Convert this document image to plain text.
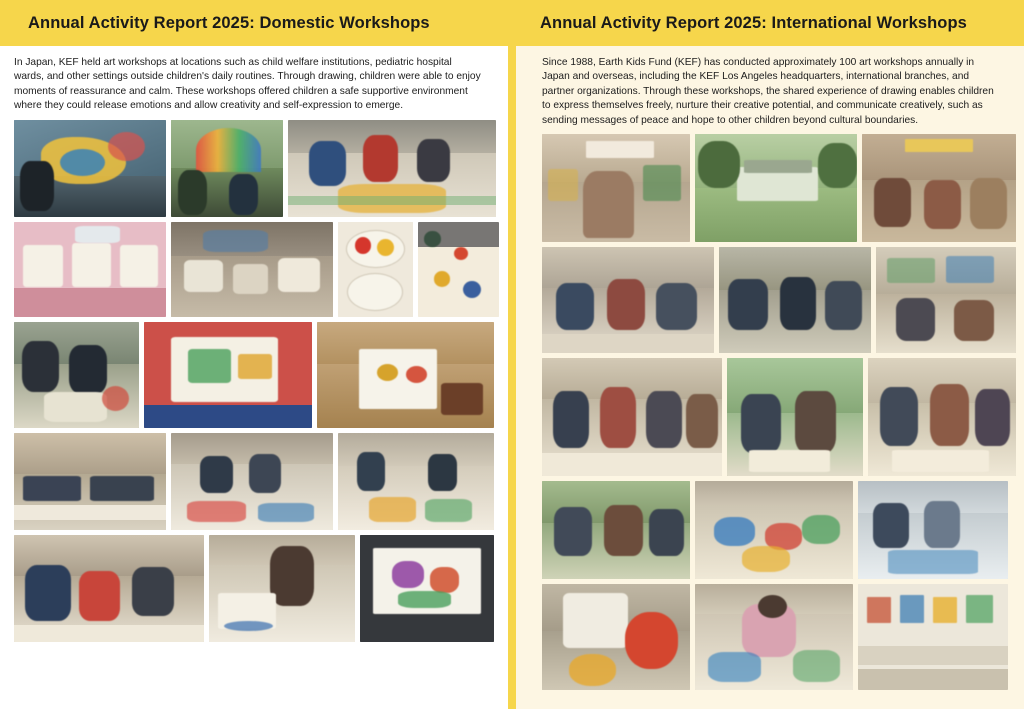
Annual Activity Report 2025: Domestic Workshops
In Japan, KEF held art workshops at locations such as child welfare institutions, pediatric hospital wards, and other settings outside children's daily routines. Through drawing, children were able to enjoy moments of reassurance and calm. These workshops offered children a safe supportive environment where they could release emotions and allow creativity and self-expression to emerge.
Annual Activity Report 2025: International Workshops
Since 1988, Earth Kids Fund (KEF) has conducted approximately 100 art workshops annually in Japan and overseas, including the KEF Los Angeles headquarters, international branches, and partner organizations. Through these workshops, the shared experience of drawing enables children to express themselves freely, nurture their creative potential, and communicate creatively, such as sending messages of peace and hope to other children beyond cultural boundaries.
